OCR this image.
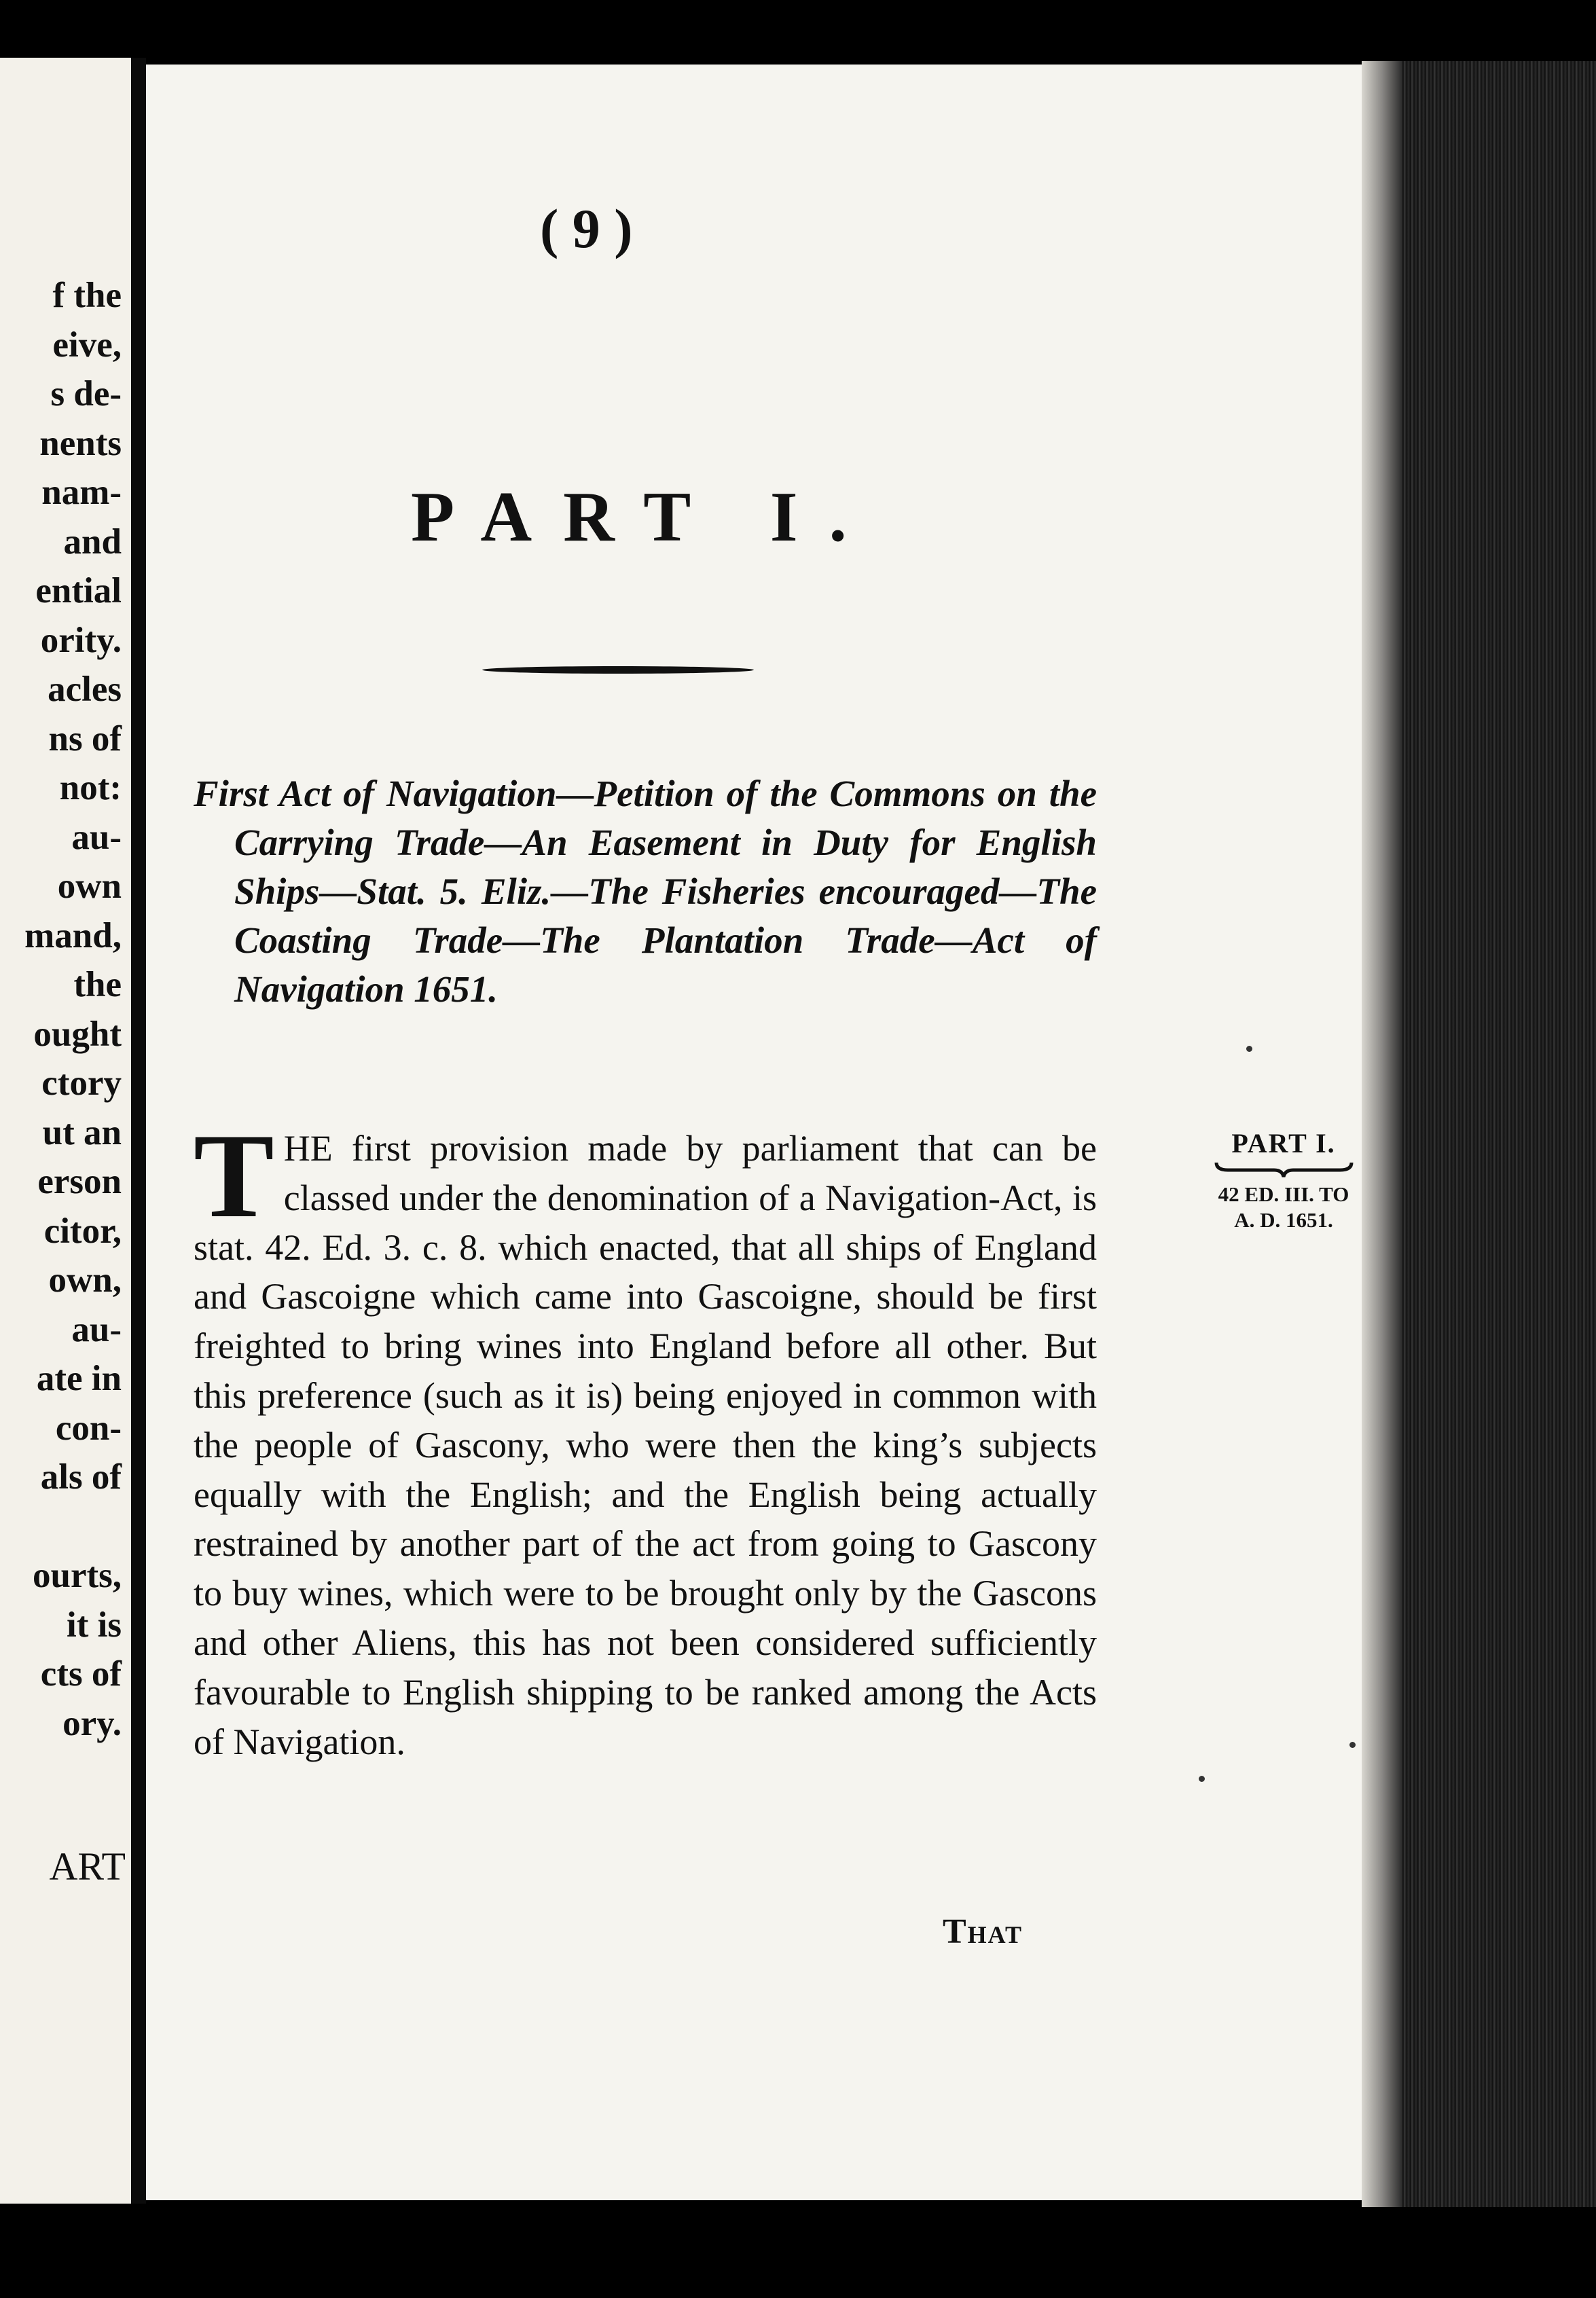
f the
eive,
s de-
nents
nam-
and
ential
ority.
acles
ns of
not:
au-
own
mand,
the
ought
ctory
ut an
erson
citor,
own,
au-
ate in
con-
als of
ourts,
it is
cts of
ory.
ART
( 9 )
PART I.

First Act of Navigation—Petition of the Commons on the Carrying Trade—An Easement in Duty for English Ships—Stat. 5. Eliz.—The Fisheries encouraged—The Coasting Trade—The Plantation Trade—Act of Navigation 1651.

T HE first provision made by parliament that can be classed under the denomination of a Navigation-Act, is stat. 42. Ed. 3. c. 8. which enacted, that all ships of England and Gascoigne which came into Gascoigne, should be first freighted to bring wines into England before all other. But this preference (such as it is) being enjoyed in common with the people of Gascony, who were then the king’s subjects equally with the English; and the English being actually restrained by another part of the act from going to Gascony to buy wines, which were to be brought only by the Gascons and other Aliens, this has not been considered sufficiently favourable to English shipping to be ranked among the Acts of Navigation.

That
PART I.
42 ED. III. TO
A. D. 1651.
